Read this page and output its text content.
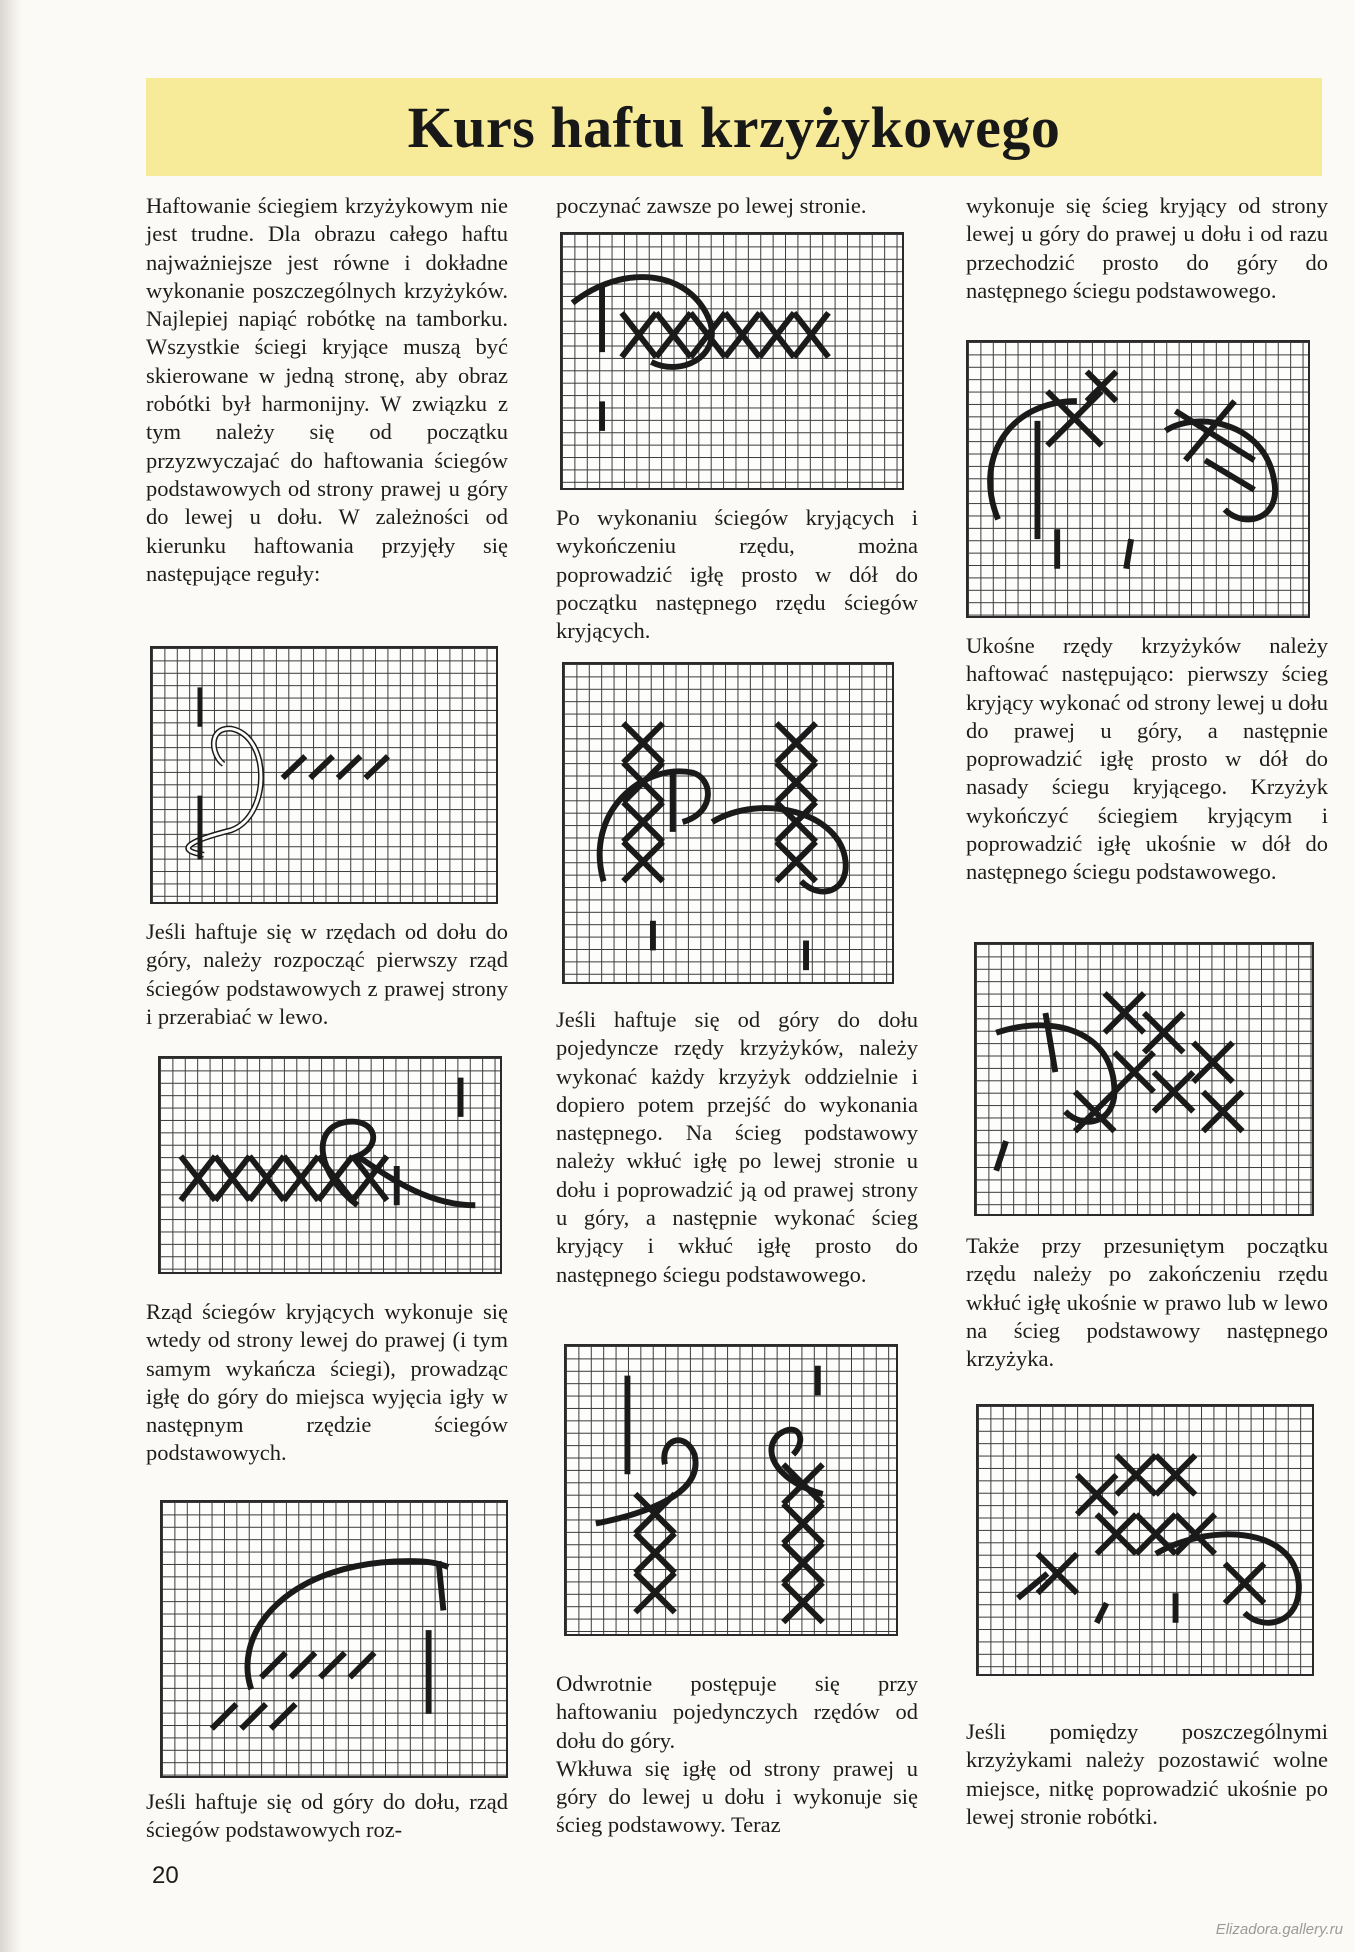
Kurs haftu krzyżykowego

Haftowanie ściegiem krzyżykowym nie jest trudne. Dla obrazu całego haftu najważniejsze jest równe i dokładne wykonanie poszczególnych krzyżyków. Najlepiej napiąć robótkę na tamborku. Wszystkie ściegi kryjące muszą być skierowane w jedną stronę, aby obraz robótki był harmonijny. W związku z tym należy się od początku przyzwyczajać do haftowania ściegów podstawowych od strony prawej u góry do lewej u dołu. W zależności od kierunku haftowania przyjęły się następujące reguły:

Jeśli haftuje się w rzędach od dołu do góry, należy rozpocząć pierwszy rząd ściegów podstawowych z prawej strony i przerabiać w lewo.

Rząd ściegów kryjących wykonuje się wtedy od strony lewej do prawej (i tym samym wykańcza ściegi), prowadząc igłę do góry do miejsca wyjęcia igły w następnym rzędzie ściegów podstawowych.

Jeśli haftuje się od góry do dołu, rząd ściegów podstawowych roz-

poczynać zawsze po lewej stronie.

Po wykonaniu ściegów kryjących i wykończeniu rzędu, można poprowadzić igłę prosto w dół do początku następnego rzędu ściegów kryjących.

Jeśli haftuje się od góry do dołu pojedyncze rzędy krzyżyków, należy wykonać każdy krzyżyk oddzielnie i dopiero potem przejść do wykonania następnego. Na ścieg podstawowy należy wkłuć igłę po lewej stronie u dołu i poprowadzić ją od prawej strony u góry, a następnie wykonać ścieg kryjący i wkłuć igłę prosto do następnego ściegu podstawowego.

Odwrotnie postępuje się przy haftowaniu pojedynczych rzędów od dołu do góry.

Wkłuwa się igłę od strony prawej u góry do lewej u dołu i wykonuje się ścieg podstawowy. Teraz

wykonuje się ścieg kryjący od strony lewej u góry do prawej u dołu i od razu przechodzić prosto do góry do następnego ściegu podstawowego.

Ukośne rzędy krzyżyków należy haftować następująco: pierwszy ścieg kryjący wykonać od strony lewej u dołu do prawej u góry, a następnie poprowadzić igłę prosto w dół do nasady ściegu kryjącego. Krzyżyk wykończyć ściegiem kryjącym i poprowadzić igłę ukośnie w dół do następnego ściegu podstawowego.

Także przy przesuniętym początku rzędu należy po zakończeniu rzędu wkłuć igłę ukośnie w prawo lub w lewo na ścieg podstawowy następnego krzyżyka.

Jeśli pomiędzy poszczególnymi krzyżykami należy pozostawić wolne miejsce, nitkę poprowadzić ukośnie po lewej stronie robótki.

20
Elizadora.gallery.ru
